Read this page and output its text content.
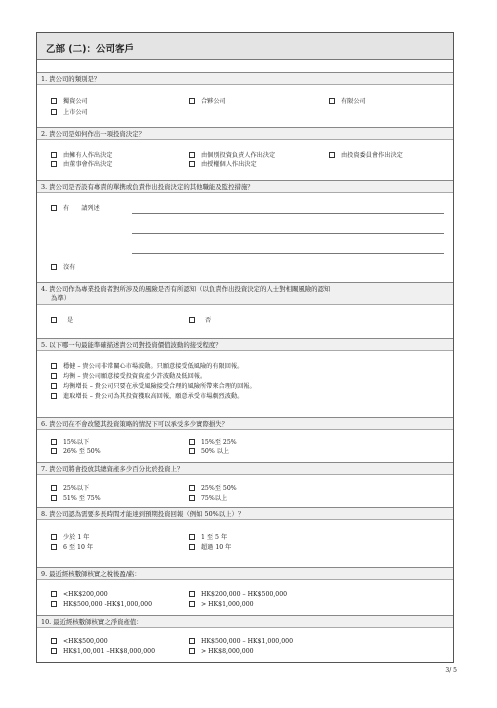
乙部 (二)：公司客戶
1. 貴公司的類別是？
獨資公司	合夥公司	有限公司
上市公司
2. 貴公司是如何作出一項投資決定？
由擁有人作出決定	由個別投資負責人作出決定	由投資委員會作出決定
由董事會作出決定	由授權個人作出決定
3. 貴公司是否設有專責的單携或負責作出投資決定的其他職能及監控措施？
有 請列述
沒有
4. 貴公司作為專業投資者對所涉及的風險是否有所認知（以負責作出投資決定的人士對相關風險的認知
為準）
是	否
5. 以下哪一句最能準確描述貴公司對投資價值波動的接受程度？
穩健 – 貴公司非常關心市場波動。只願意接受低風險的有限回報。
均衡 – 貴公司願意接受投資資產少許波動及低回報。
均衡增長 – 貴公司只要在承受風險接受合理的風險所帶來合理的回報。
進取增長 – 貴公司為其投資獲取高回報，願意承受市場劇烈波動。
6. 貴公司在不會改變其投資策略的情況下可以承受多少實際損失？
15%以下	15%至 25%
26% 至 50%	50% 以上
7. 貴公司將會投放其總資產多少百分比於投資上？
25%以下	25%至 50%
51% 至 75%	75%以上
8. 貴公司認為需要多長時間才能達到預期投資回報（例如 50%以上）？
少於 1 年	1 至 5 年
6 至 10 年	超過 10 年
9. 最近經核數師核實之稅後盈/虧：
<HK$200,000	HK$200,000 – HK$500,000
HK$500,000 -HK$1,000,000	> HK$1,000,000
10. 最近經核數師核實之淨資產值：
<HK$500,000	HK$500,000 – HK$1,000,000
HK$1,00,001 –HK$8,000,000	> HK$8,000,000
3/ 5
